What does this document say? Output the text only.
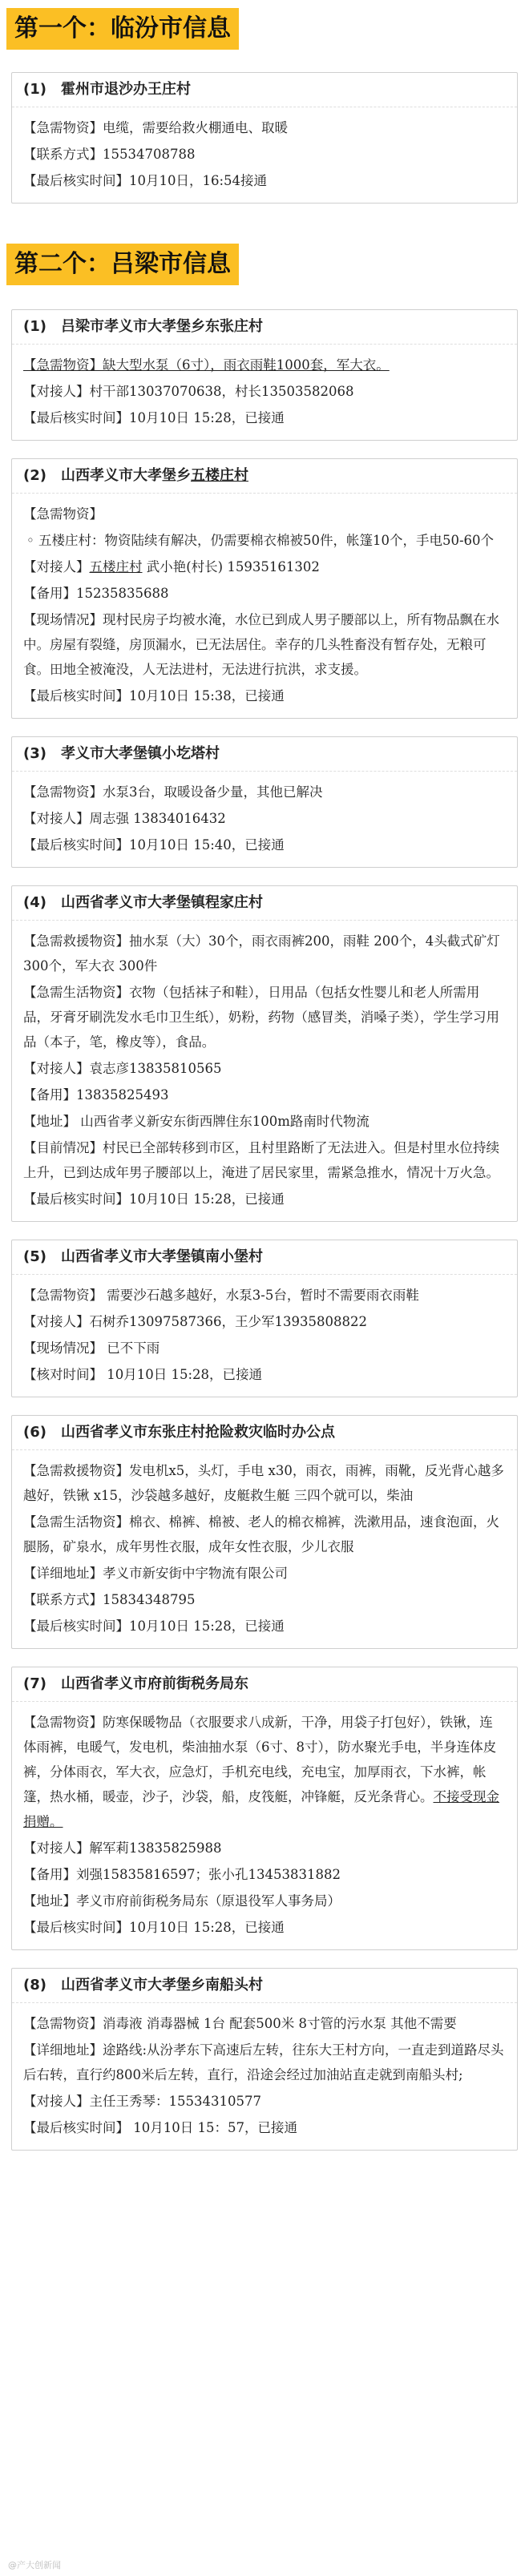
第一个：临汾市信息
(1)　霍州市退沙办王庄村
【急需物资】电缆，需要给救火棚通电、取暖
【联系方式】15534708788
【最后核实时间】10月10日，16:54接通
第二个：吕梁市信息
(1)　吕梁市孝义市大孝堡乡东张庄村
【急需物资】缺大型水泵（6寸），雨衣雨鞋1000套，军大衣。
【对接人】村干部13037070638，村长13503582068
【最后核实时间】10月10日 15:28，已接通
(2)　山西孝义市大孝堡乡五楼庄村
【急需物资】
◦ 五楼庄村：物资陆续有解决，仍需要棉衣棉被50件，帐篷10个，手电50-60个
【对接人】五楼庄村 武小艳(村长) 15935161302
【备用】15235835688
【现场情况】现村民房子均被水淹，水位已到成人男子腰部以上，所有物品飘在水中。房屋有裂缝，房顶漏水，已无法居住。幸存的几头牲畜没有暂存处，无粮可食。田地全被淹没，人无法进村，无法进行抗洪，求支援。
【最后核实时间】10月10日 15:38，已接通
(3)　孝义市大孝堡镇小圪塔村
【急需物资】水泵3台，取暖设备少量，其他已解决
【对接人】周志强 13834016432
【最后核实时间】10月10日 15:40，已接通
(4)　山西省孝义市大孝堡镇程家庄村
【急需救援物资】抽水泵（大）30个，雨衣雨裤200，雨鞋 200个，4头截式矿灯 300个，军大衣 300件
【急需生活物资】衣物（包括袜子和鞋），日用品（包括女性婴儿和老人所需用品，牙膏牙刷洗发水毛巾卫生纸），奶粉，药物（感冒类，消嗓子类），学生学习用品（本子，笔，橡皮等），食品。
【对接人】袁志彦13835810565
【备用】13835825493
【地址】 山西省孝义新安东街西牌住东100m路南时代物流
【目前情况】村民已全部转移到市区，且村里路断了无法进入。但是村里水位持续上升，已到达成年男子腰部以上，淹进了居民家里，需紧急推水，情况十万火急。
【最后核实时间】10月10日 15:28，已接通
(5)　山西省孝义市大孝堡镇南小堡村
【急需物资】 需要沙石越多越好，水泵3-5台，暂时不需要雨衣雨鞋
【对接人】石树乔13097587366，王少军13935808822
【现场情况】 已不下雨
【核对时间】 10月10日 15:28，已接通
(6)　山西省孝义市东张庄村抢险救灾临时办公点
【急需救援物资】发电机x5，头灯，手电 x30，雨衣，雨裤，雨靴，反光背心越多越好，铁锹 x15，沙袋越多越好，皮艇救生艇 三四个就可以，柴油
【急需生活物资】棉衣、棉裤、棉被、老人的棉衣棉裤，洗漱用品，速食泡面，火腿肠，矿泉水，成年男性衣服，成年女性衣服，少儿衣服
【详细地址】孝义市新安街中宇物流有限公司
【联系方式】15834348795
【最后核实时间】10月10日 15:28，已接通
(7)　山西省孝义市府前街税务局东
【急需物资】防寒保暖物品（衣服要求八成新，干净，用袋子打包好），铁锹，连体雨裤，电暖气，发电机，柴油抽水泵（6寸、8寸），防水聚光手电，半身连体皮裤，分体雨衣，军大衣，应急灯，手机充电线，充电宝，加厚雨衣，下水裤，帐篷，热水桶，暖壶，沙子，沙袋，船，皮筏艇，冲锋艇，反光条背心。不接受现金捐赠。
【对接人】解军莉13835825988
【备用】刘强15835816597；张小孔13453831882
【地址】孝义市府前街税务局东（原退役军人事务局）
【最后核实时间】10月10日 15:28，已接通
(8)　山西省孝义市大孝堡乡南船头村
【急需物资】消毒液 消毒器械 1台 配套500米 8寸管的污水泵 其他不需要
【详细地址】途路线:从汾孝东下高速后左转，往东大王村方向，一直走到道路尽头后右转，直行约800米后左转，直行，沿途会经过加油站直走就到南船头村;
【对接人】主任王秀琴：15534310577
【最后核实时间】 10月10日 15：57，已接通
@产大创新闻
